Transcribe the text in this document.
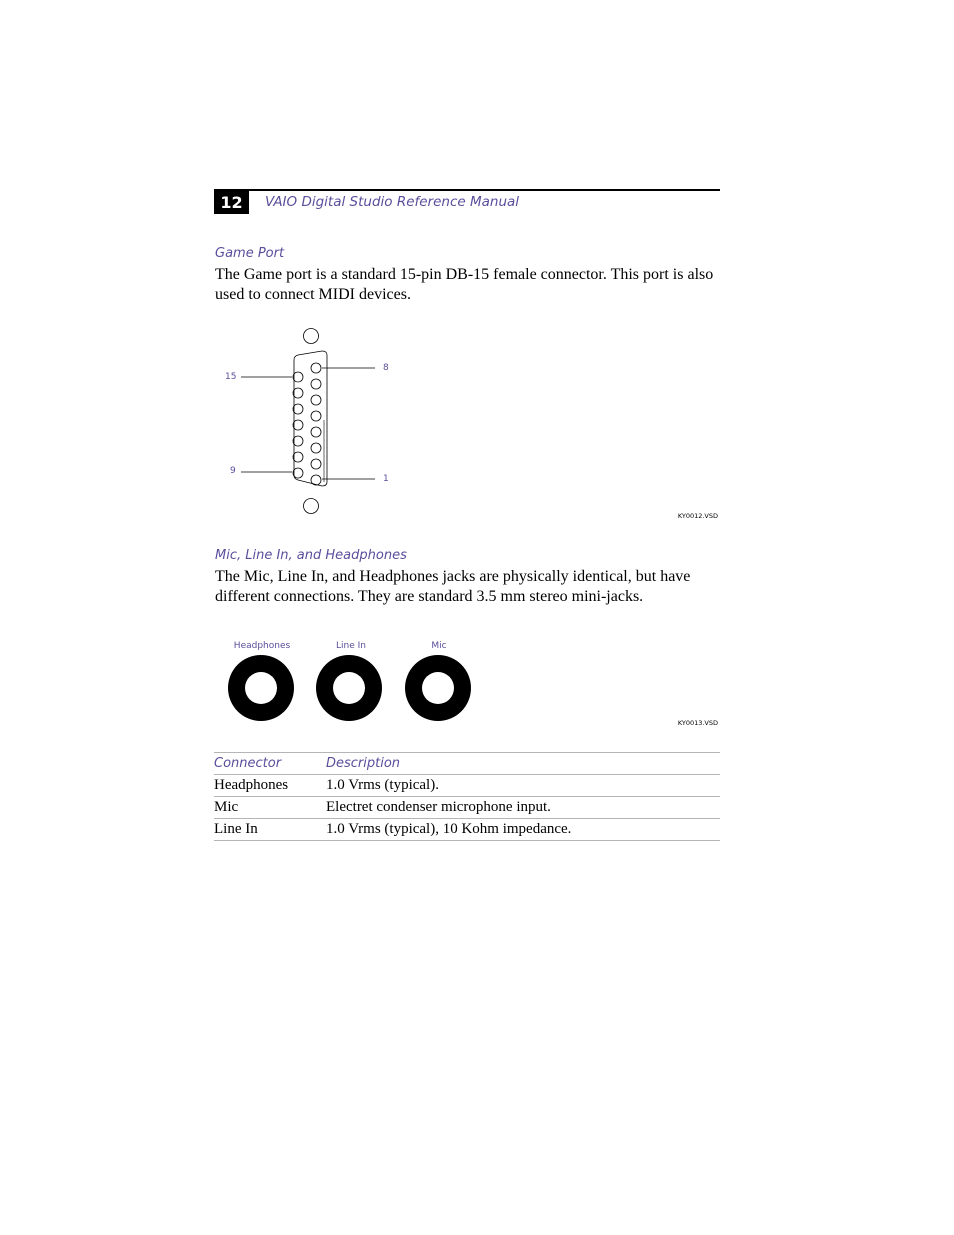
12	VAIO Digital Studio Reference Manual
Game Port
The Game port is a standard 15-pin DB-15 female connector. This port is also used to connect MIDI devices.
15
9
8
1
KY0012.VSD
Mic, Line In, and Headphones
The Mic, Line In, and Headphones jacks are physically identical, but have different connections. They are standard 3.5 mm stereo mini-jacks.
Headphones	Line In	Mic
KY0013.VSD
Connector	Description
Headphones	1.0 Vrms (typical).
Mic	Electret condenser microphone input.
Line In	1.0 Vrms (typical), 10 Kohm impedance.
